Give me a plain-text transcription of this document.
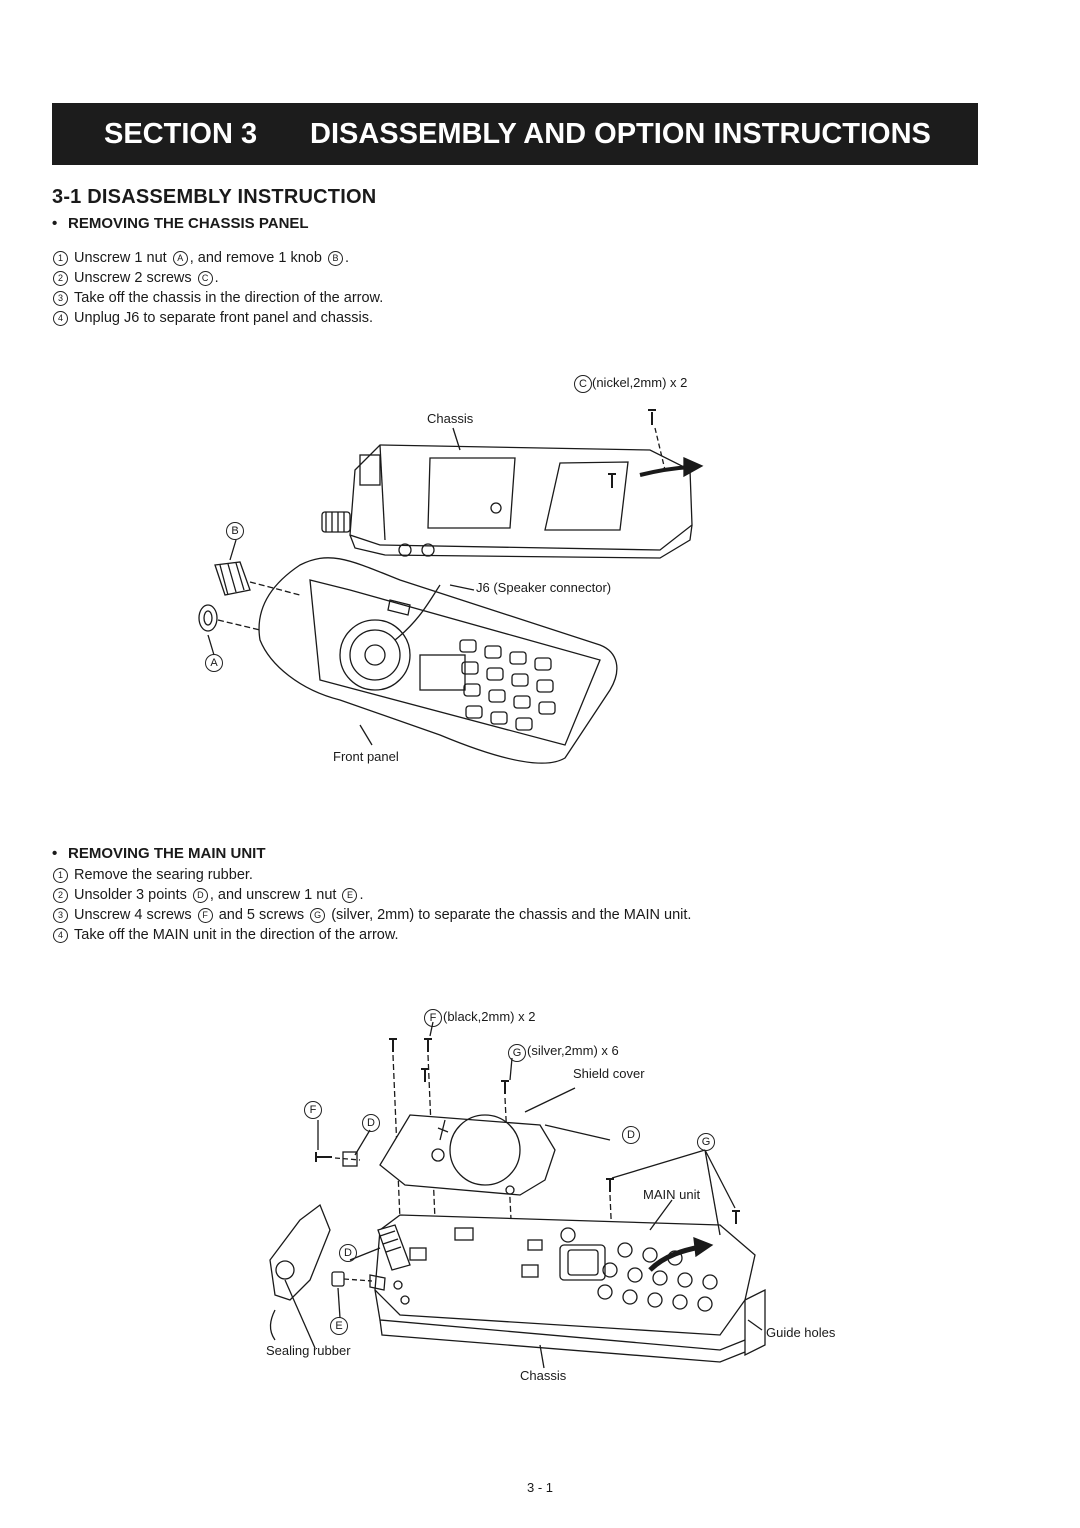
SECTION 3 DISASSEMBLY AND OPTION INSTRUCTIONS
3-1 DISASSEMBLY INSTRUCTION
• REMOVING THE CHASSIS PANEL
1 Unscrew 1 nut A , and remove 1 knob B .
2 Unscrew 2 screws C .
3 Take off the chassis in the direction of the arrow.
4 Unplug J6 to separate front panel and chassis.
C (nickel,2mm) x 2
Chassis
B
A
J6 (Speaker connector)
Front panel
• REMOVING THE MAIN UNIT
1 Remove the searing rubber.
2 Unsolder 3 points D , and unscrew 1 nut E .
3 Unscrew 4 screws F and 5 screws G (silver, 2mm) to separate the chassis and the MAIN unit.
4 Take off the MAIN unit in the direction of the arrow.
F (black,2mm) x 2
G (silver,2mm) x 6
Shield cover
F
D
D
G
MAIN unit
D
E	Guide holes
Sealing rubber
Chassis
3 - 1
